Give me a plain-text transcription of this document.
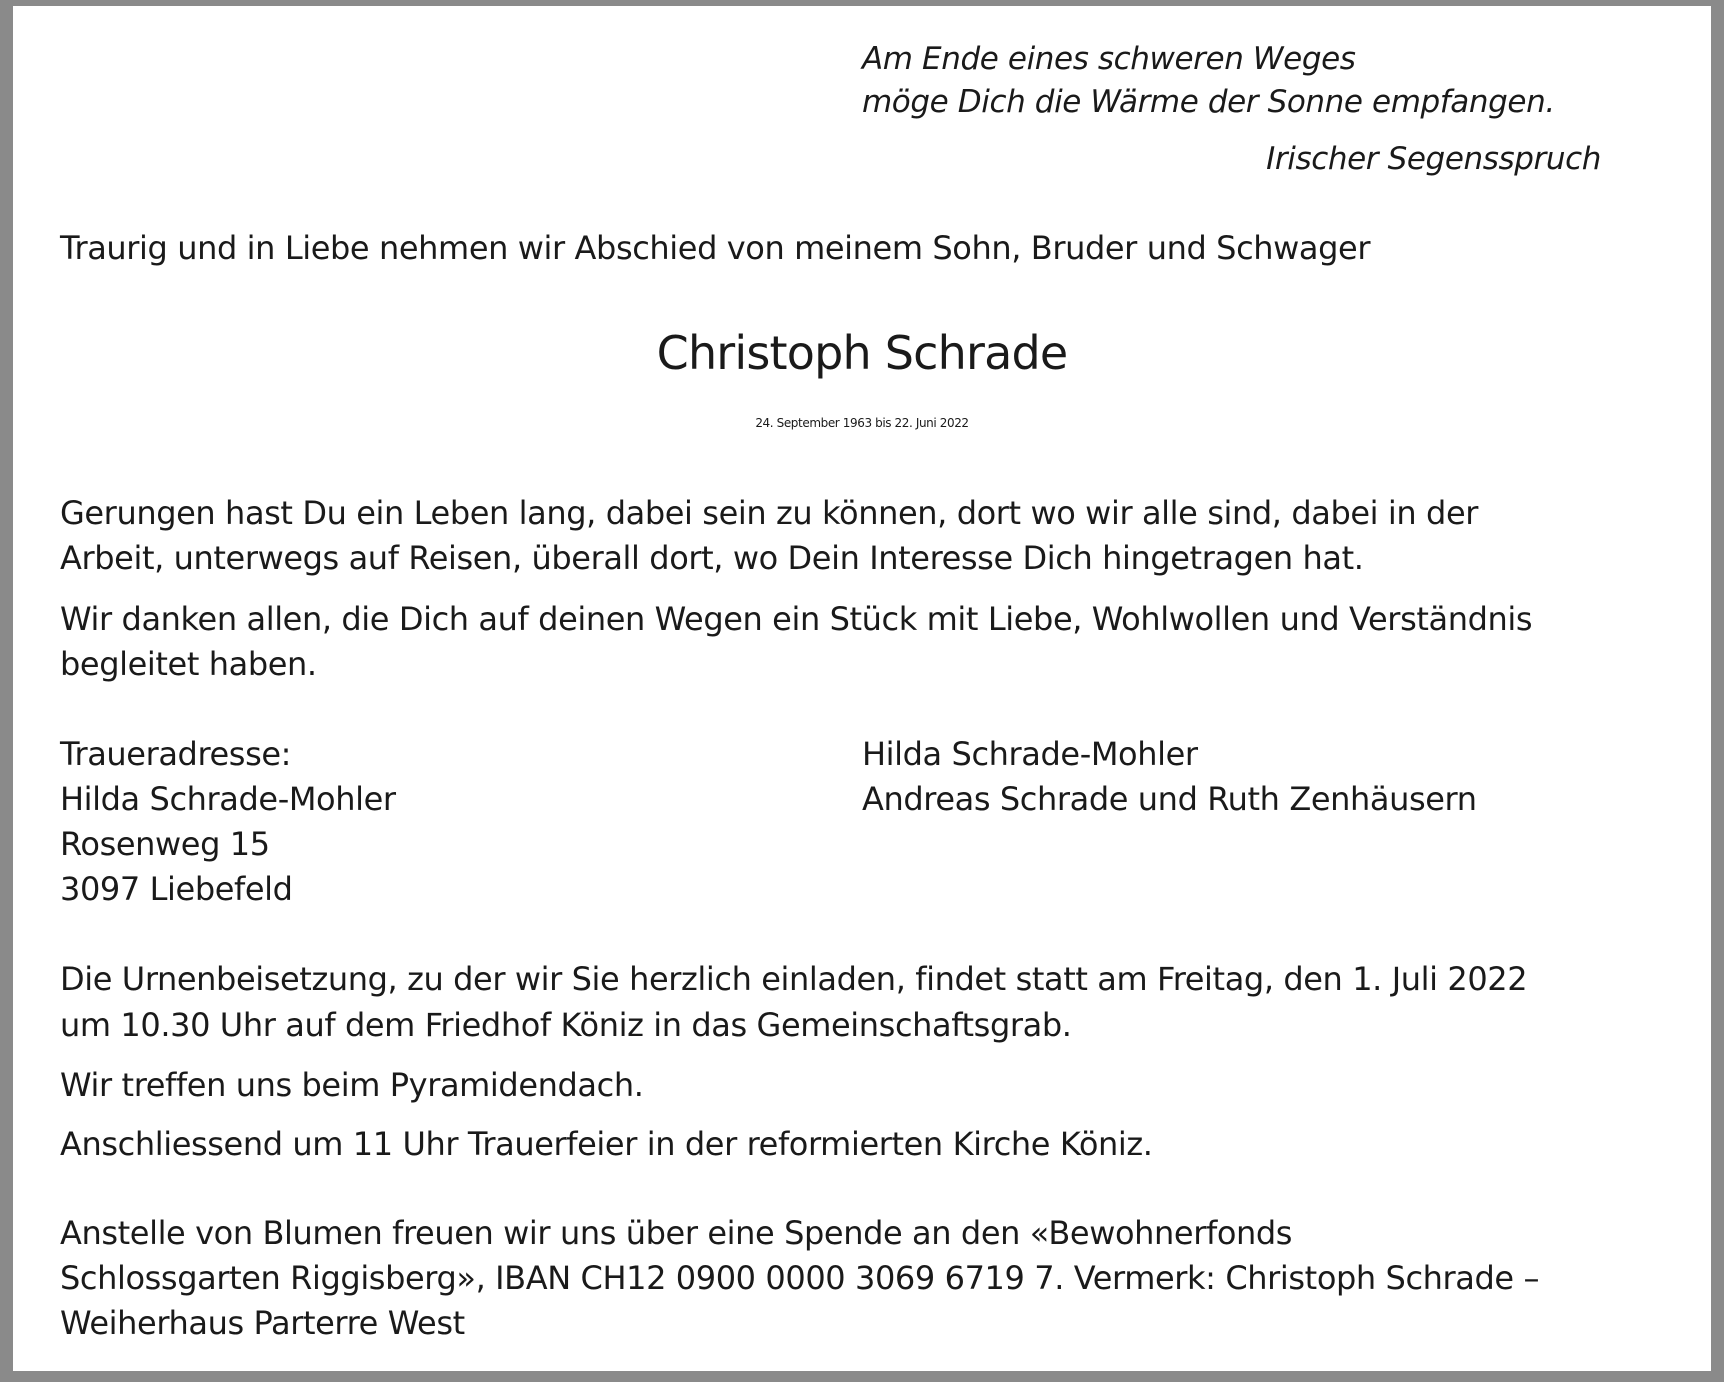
Am Ende eines schweren Weges

möge Dich die Wärme der Sonne empfangen.

Irischer Segensspruch

Traurig und in Liebe nehmen wir Abschied von meinem Sohn, Bruder und Schwager

Christoph Schrade

24. September 1963 bis 22. Juni 2022

Gerungen hast Du ein Leben lang, dabei sein zu können, dort wo wir alle sind, dabei in der

Arbeit, unterwegs auf Reisen, überall dort, wo Dein Interesse Dich hingetragen hat.

Wir danken allen, die Dich auf deinen Wegen ein Stück mit Liebe, Wohlwollen und Verständnis

begleitet haben.

Traueradresse:

Hilda Schrade-Mohler

Rosenweg 15

3097 Liebefeld

Hilda Schrade-Mohler

Andreas Schrade und Ruth Zenhäusern

Die Urnenbeisetzung, zu der wir Sie herzlich einladen, findet statt am Freitag, den 1. Juli 2022

um 10.30 Uhr auf dem Friedhof Köniz in das Gemeinschaftsgrab.

Wir treffen uns beim Pyramidendach.

Anschliessend um 11 Uhr Trauerfeier in der reformierten Kirche Köniz.

Anstelle von Blumen freuen wir uns über eine Spende an den «Bewohnerfonds

Schlossgarten Riggisberg», IBAN CH12 0900 0000 3069 6719 7. Vermerk: Christoph Schrade –

Weiherhaus Parterre West
